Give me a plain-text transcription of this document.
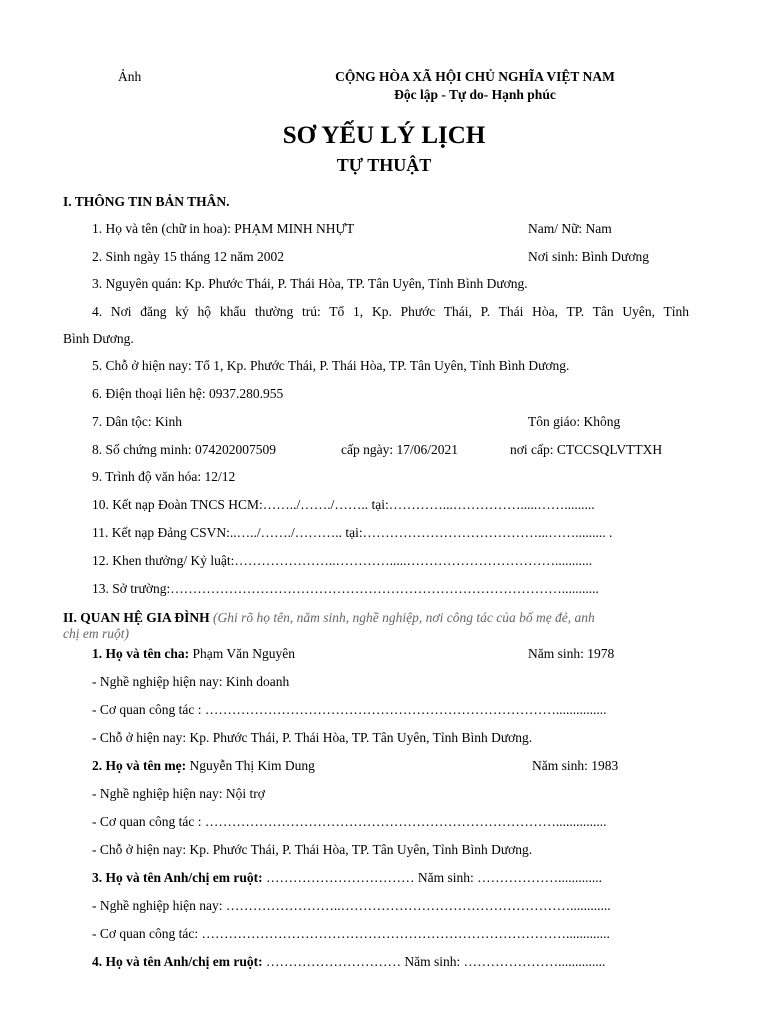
Ảnh	CỘNG HÒA XÃ HỘI CHỦ NGHĨA VIỆT NAM
Độc lập - Tự do- Hạnh phúc
SƠ YẾU LÝ LỊCH
TỰ THUẬT
I. THÔNG TIN BẢN THÂN.
1. Họ và tên (chữ in hoa): PHẠM MINH NHỰT	Nam/ Nữ: Nam
2. Sinh ngày 15 tháng 12 năm 2002	Nơi sinh: Bình Dương
3. Nguyên quán: Kp. Phước Thái, P. Thái Hòa, TP. Tân Uyên, Tỉnh Bình Dương.
4. Nơi đăng ký hộ khẩu thường trú: Tổ 1, Kp. Phước Thái, P. Thái Hòa, TP. Tân Uyên, Tỉnh
Bình Dương.
5. Chỗ ở hiện nay: Tổ 1, Kp. Phước Thái, P. Thái Hòa, TP. Tân Uyên, Tỉnh Bình Dương.
6. Điện thoại liên hệ: 0937.280.955
7. Dân tộc: Kinh	Tôn giáo: Không
8. Số chứng minh: 074202007509	cấp ngày: 17/06/2021	nơi cấp: CTCCSQLVTTXH
9. Trình độ văn hóa: 12/12
10. Kết nạp Đoàn TNCS HCM:……../……./…….. tại:…………...…………….....…….........
11. Kết nạp Đảng CSVN:..…../……./……….. tại:…………………………………...……......... .
12. Khen thưởng/ Kỷ luật:…………………..………….....……………………………...........
13. Sở trường:……………………………………………………………………………...........
II. QUAN HỆ GIA ĐÌNH (Ghi rõ họ tên, năm sinh, nghề nghiệp, nơi công tác của bố mẹ đẻ, anh
chị em ruột)
1. Họ và tên cha: Phạm Văn Nguyên	Năm sinh: 1978
- Nghề nghiệp hiện nay: Kinh doanh
- Cơ quan công tác : ……………………………………………………………………...............
- Chỗ ở hiện nay: Kp. Phước Thái, P. Thái Hòa, TP. Tân Uyên, Tỉnh Bình Dương.
2. Họ và tên mẹ: Nguyễn Thị Kim Dung	Năm sinh: 1983
- Nghề nghiệp hiện nay: Nội trợ
- Cơ quan công tác : ……………………………………………………………………...............
- Chỗ ở hiện nay: Kp. Phước Thái, P. Thái Hòa, TP. Tân Uyên, Tỉnh Bình Dương.
3. Họ và tên Anh/chị em ruột: …………………………… Năm sinh: ……………….............
- Nghề nghiệp hiện nay: ……………………..……………………………………………............
- Cơ quan công tác: ……………………………………………………………………….............
4. Họ và tên Anh/chị em ruột: ………………………… Năm sinh: …………………..............
